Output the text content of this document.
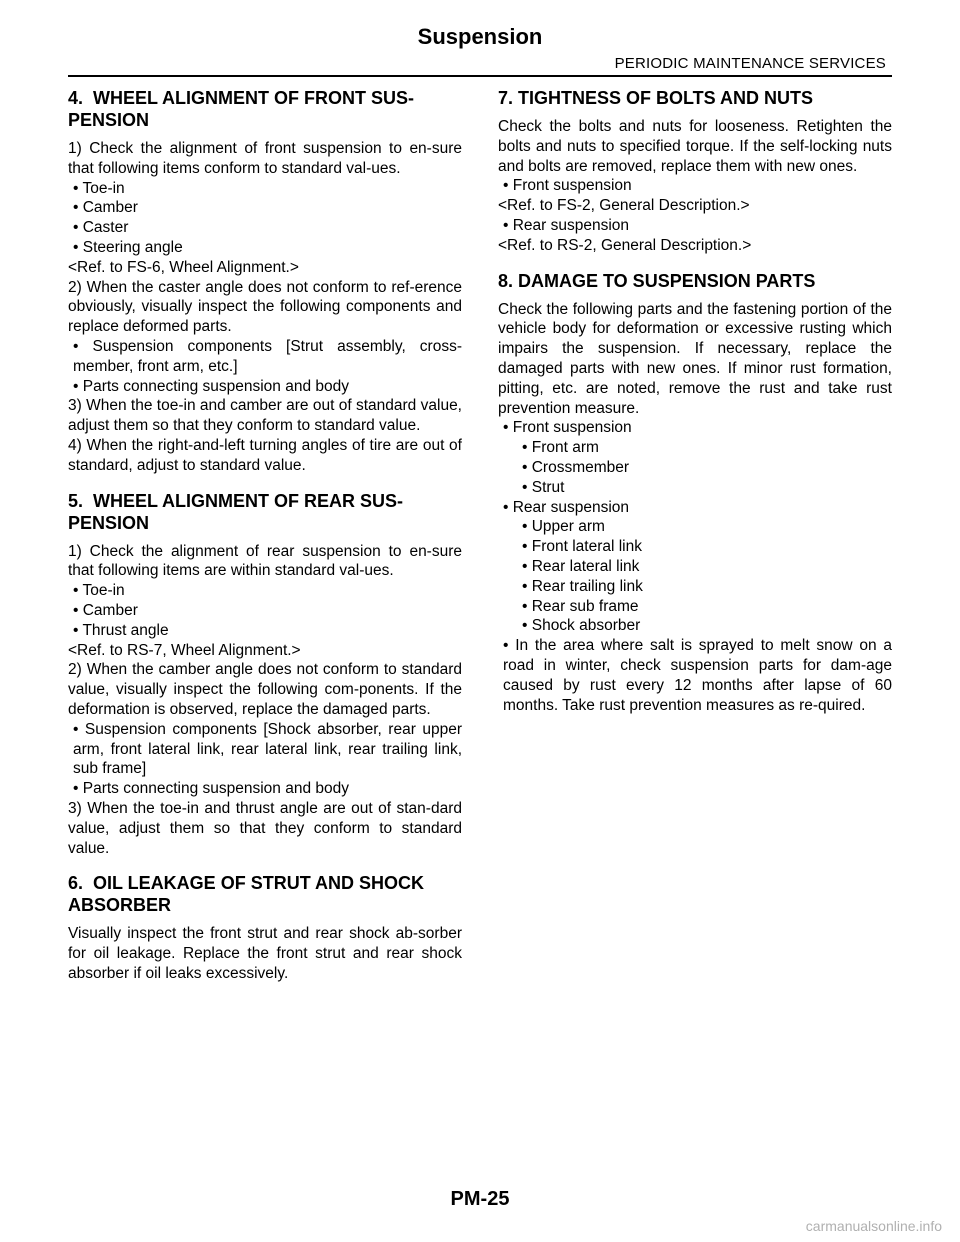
Suspension
PERIODIC MAINTENANCE SERVICES
4.  WHEEL ALIGNMENT OF FRONT SUS-
PENSION

1) Check the alignment of front suspension to en-sure that following items conform to standard val-ues.

• Toe-in

• Camber

• Caster

• Steering angle

<Ref. to FS-6, Wheel Alignment.>

2) When the caster angle does not conform to ref-erence obviously, visually inspect the following components and replace deformed parts.

• Suspension components [Strut assembly, cross-member, front arm, etc.]

• Parts connecting suspension and body

3) When the toe-in and camber are out of standard value, adjust them so that they conform to standard value.

4) When the right-and-left turning angles of tire are out of standard, adjust to standard value.

5.  WHEEL ALIGNMENT OF REAR SUS-
PENSION

1) Check the alignment of rear suspension to en-sure that following items are within standard val-ues.

• Toe-in

• Camber

• Thrust angle

<Ref. to RS-7, Wheel Alignment.>

2) When the camber angle does not conform to standard value, visually inspect the following com-ponents. If the deformation is observed, replace the damaged parts.

• Suspension components [Shock absorber, rear upper arm, front lateral link, rear lateral link, rear trailing link, sub frame]

• Parts connecting suspension and body

3) When the toe-in and thrust angle are out of stan-dard value, adjust them so that they conform to standard value.

6.  OIL LEAKAGE OF STRUT AND SHOCK
ABSORBER

Visually inspect the front strut and rear shock ab-sorber for oil leakage. Replace the front strut and rear shock absorber if oil leaks excessively.

7. TIGHTNESS OF BOLTS AND NUTS

Check the bolts and nuts for looseness. Retighten the bolts and nuts to specified torque. If the self-locking nuts and bolts are removed, replace them with new ones.

• Front suspension

<Ref. to FS-2, General Description.>

• Rear suspension

<Ref. to RS-2, General Description.>

8. DAMAGE TO SUSPENSION PARTS

Check the following parts and the fastening portion of the vehicle body for deformation or excessive rusting which impairs the suspension. If necessary, replace the damaged parts with new ones. If minor rust formation, pitting, etc. are noted, remove the rust and take rust prevention measure.

• Front suspension

• Front arm

• Crossmember

• Strut

• Rear suspension

• Upper arm

• Front lateral link

• Rear lateral link

• Rear trailing link

• Rear sub frame

• Shock absorber

• In the area where salt is sprayed to melt snow on a road in winter, check suspension parts for dam-age caused by rust every 12 months after lapse of 60 months. Take rust prevention measures as re-quired.

PM-25
carmanualsonline.info
